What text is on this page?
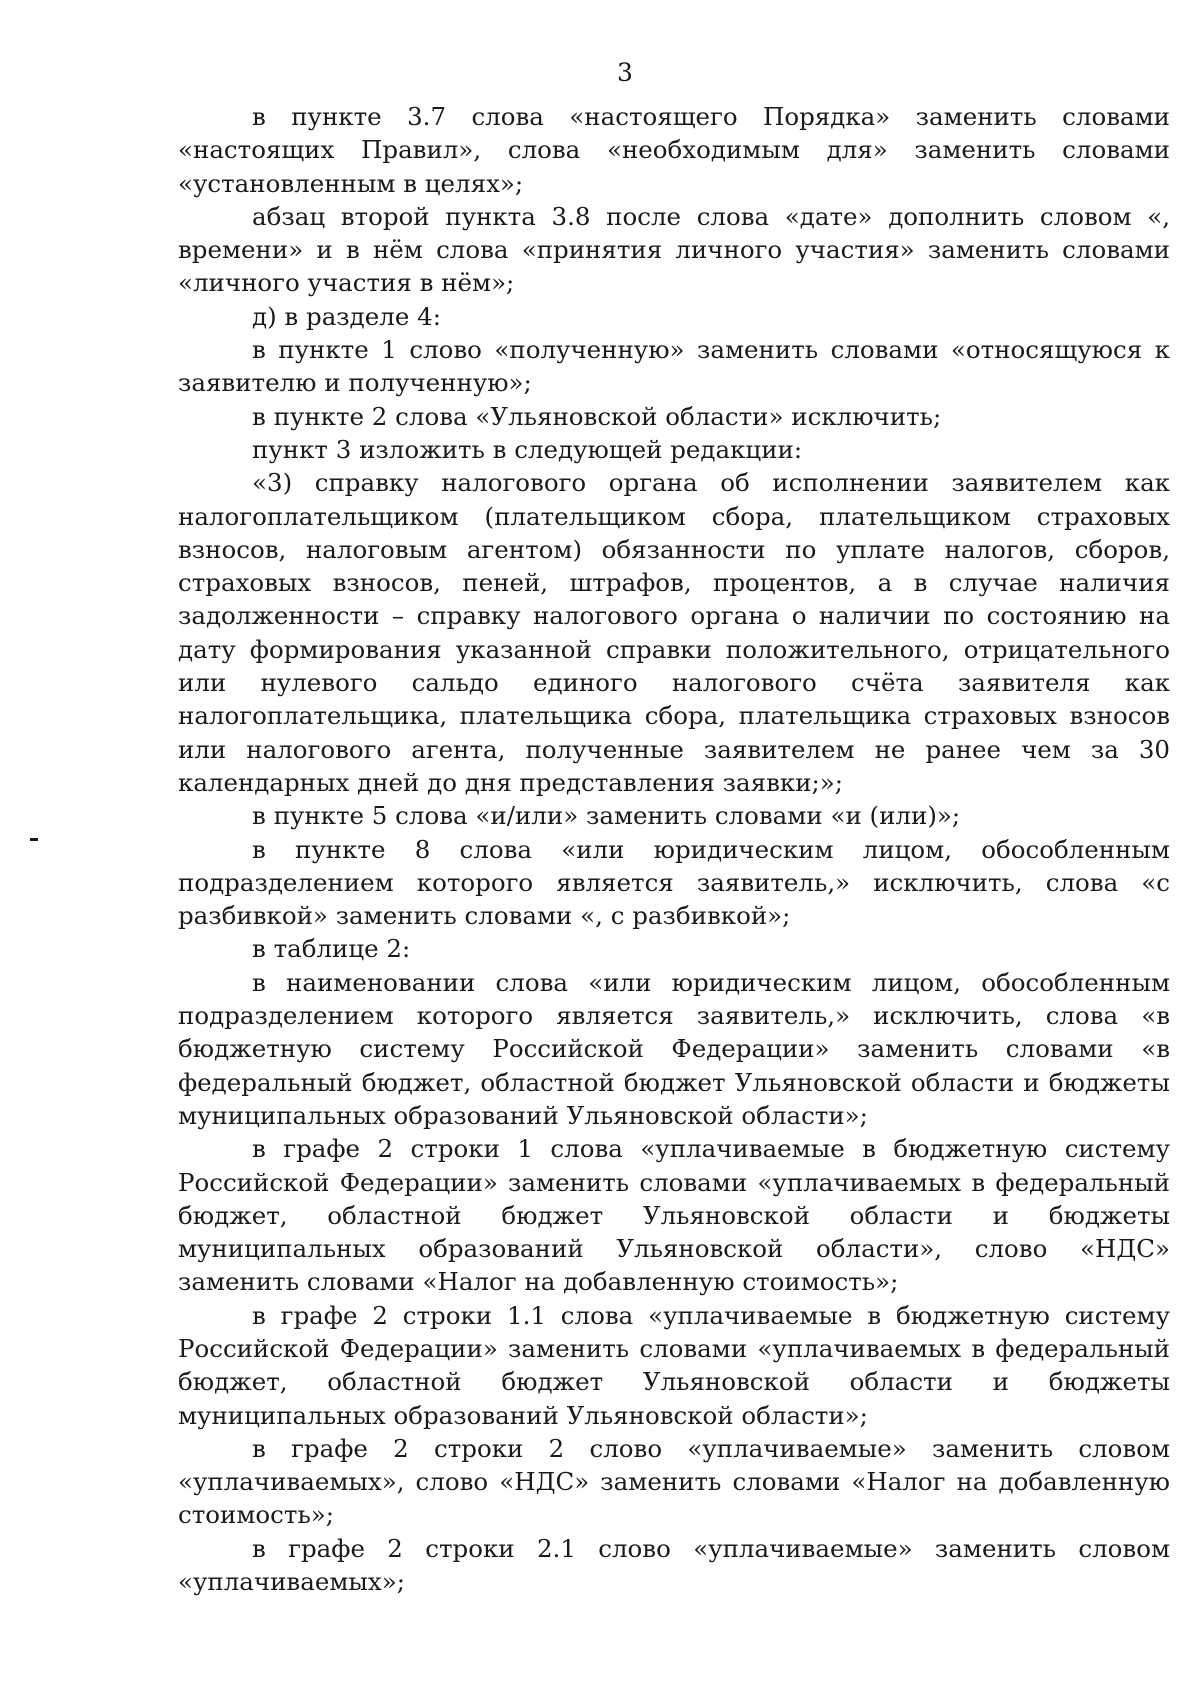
3

в пункте 3.7 слова «настоящего Порядка» заменить словами «настоящих Правил», слова «необходимым для» заменить словами «установленным в целях»;

абзац второй пункта 3.8 после слова «дате» дополнить словом «, времени» и в нём слова «принятия личного участия» заменить словами «личного участия в нём»;

д) в разделе 4:

в пункте 1 слово «полученную» заменить словами «относящуюся к заявителю и полученную»;

в пункте 2 слова «Ульяновской области» исключить;

пункт 3 изложить в следующей редакции:

«3) справку налогового органа об исполнении заявителем как налогоплательщиком (плательщиком сбора, плательщиком страховых взносов, налоговым агентом) обязанности по уплате налогов, сборов, страховых взносов, пеней, штрафов, процентов, а в случае наличия задолженности – справку налогового органа о наличии по состоянию на дату формирования указанной справки положительного, отрицательного или нулевого сальдо единого налогового счёта заявителя как налогоплательщика, плательщика сбора, плательщика страховых взносов или налогового агента, полученные заявителем не ранее чем за 30 календарных дней до дня представления заявки;»;

в пункте 5 слова «и/или» заменить словами «и (или)»;

в пункте 8 слова «или юридическим лицом, обособленным подразделением которого является заявитель,» исключить, слова «с разбивкой» заменить словами «, с разбивкой»;

в таблице 2:

в наименовании слова «или юридическим лицом, обособленным подразделением которого является заявитель,» исключить, слова «в бюджетную систему Российской Федерации» заменить словами «в федеральный бюджет, областной бюджет Ульяновской области и бюджеты муниципальных образований Ульяновской области»;

в графе 2 строки 1 слова «уплачиваемые в бюджетную систему Российской Федерации» заменить словами «уплачиваемых в федеральный бюджет, областной бюджет Ульяновской области и бюджеты муниципальных образований Ульяновской области», слово «НДС» заменить словами «Налог на добавленную стоимость»;

в графе 2 строки 1.1 слова «уплачиваемые в бюджетную систему Российской Федерации» заменить словами «уплачиваемых в федеральный бюджет, областной бюджет Ульяновской области и бюджеты муниципальных образований Ульяновской области»;

в графе 2 строки 2 слово «уплачиваемые» заменить словом «уплачиваемых», слово «НДС» заменить словами «Налог на добавленную стоимость»;

в графе 2 строки 2.1 слово «уплачиваемые» заменить словом «уплачиваемых»;
